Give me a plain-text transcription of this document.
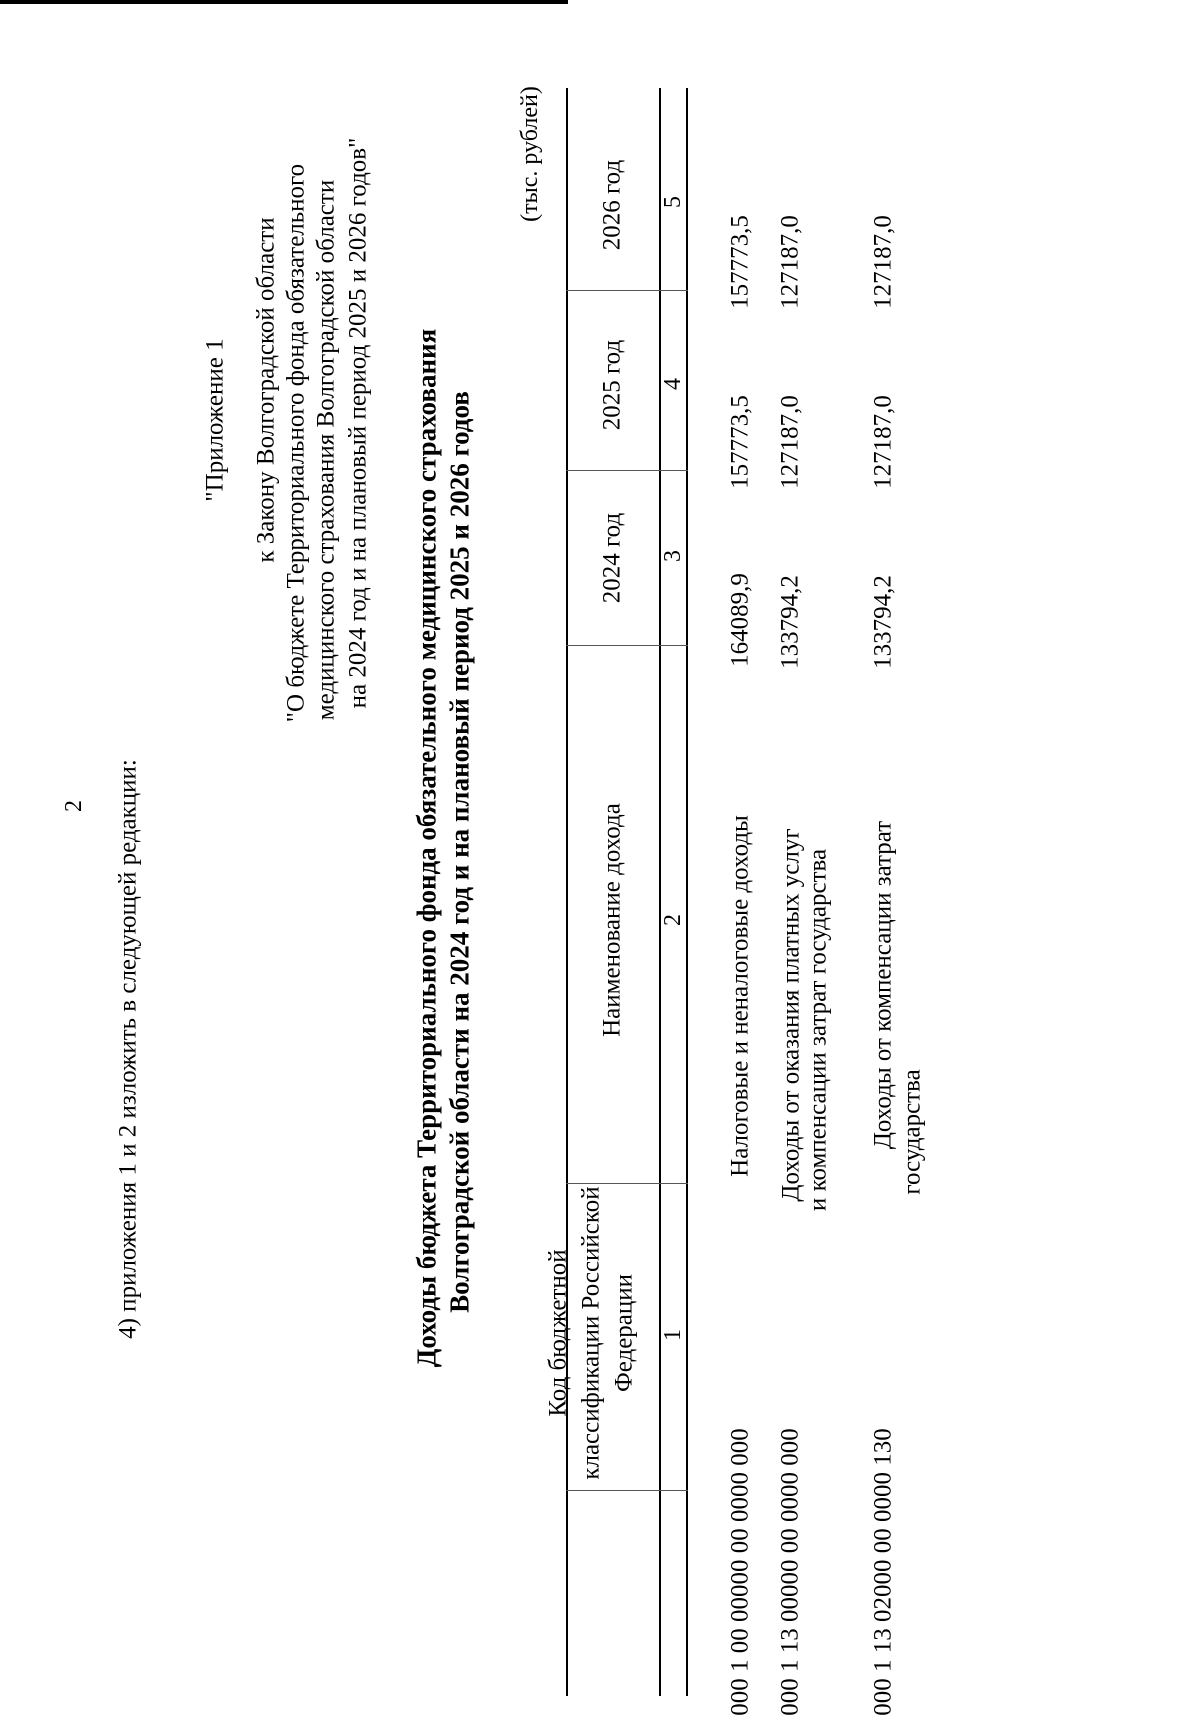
2 4) приложения 1 и 2 изложить в следующей редакции:
"Приложение 1 к Закону Волгоградской области "О бюджете Территориального фонда обязательного медицинского страхования Волгоградской области на 2024 год и на плановый период 2025 и 2026 годов" Доходы бюджета Территориального фонда обязательного медицинского страхования Волгоградской области на 2024 год и на плановый период 2025 и 2026 годов
(тыс. рублей)
Код бюджетной классификации Российской Федерации
Наименование дохода
2024 год
2025 год
2026 год
1
2
3
4
5
000 1 00 00000 00 0000 000
Налоговые и неналоговые доходы
164089,9
157773,5
157773,5
000 1 13 00000 00 0000 000
Доходы от оказания платных услуг и компенсации затрат государства
133794,2
127187,0
127187,0
000 1 13 02000 00 0000 130
Доходы от компенсации затрат государства
133794,2
127187,0
127187,0
